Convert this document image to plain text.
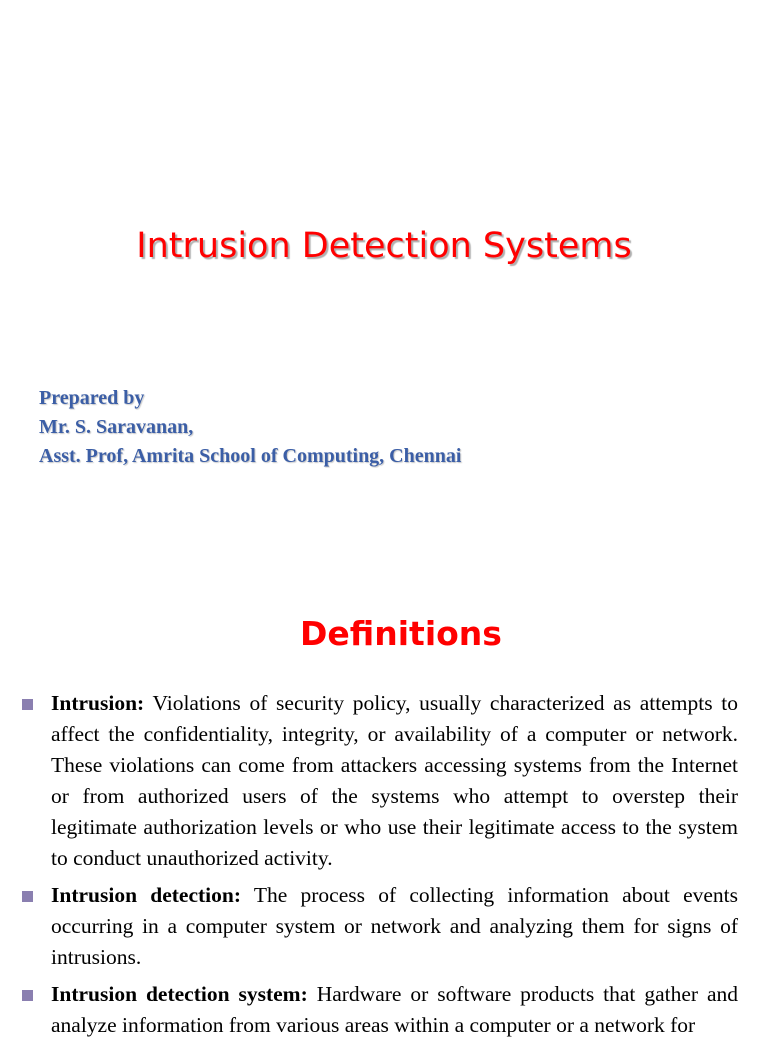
Intrusion Detection Systems
Prepared by
Mr. S. Saravanan,
Asst. Prof, Amrita School of Computing, Chennai
Definitions
Intrusion: Violations of security policy, usually characterized as attempts to affect the confidentiality, integrity, or availability of a computer or network. These violations can come from attackers accessing systems from the Internet or from authorized users of the systems who attempt to overstep their legitimate authorization levels or who use their legitimate access to the system to conduct unauthorized activity.
Intrusion detection: The process of collecting information about events occurring in a computer system or network and analyzing them for signs of intrusions.
Intrusion detection system: Hardware or software products that gather and analyze information from various areas within a computer or a network for
